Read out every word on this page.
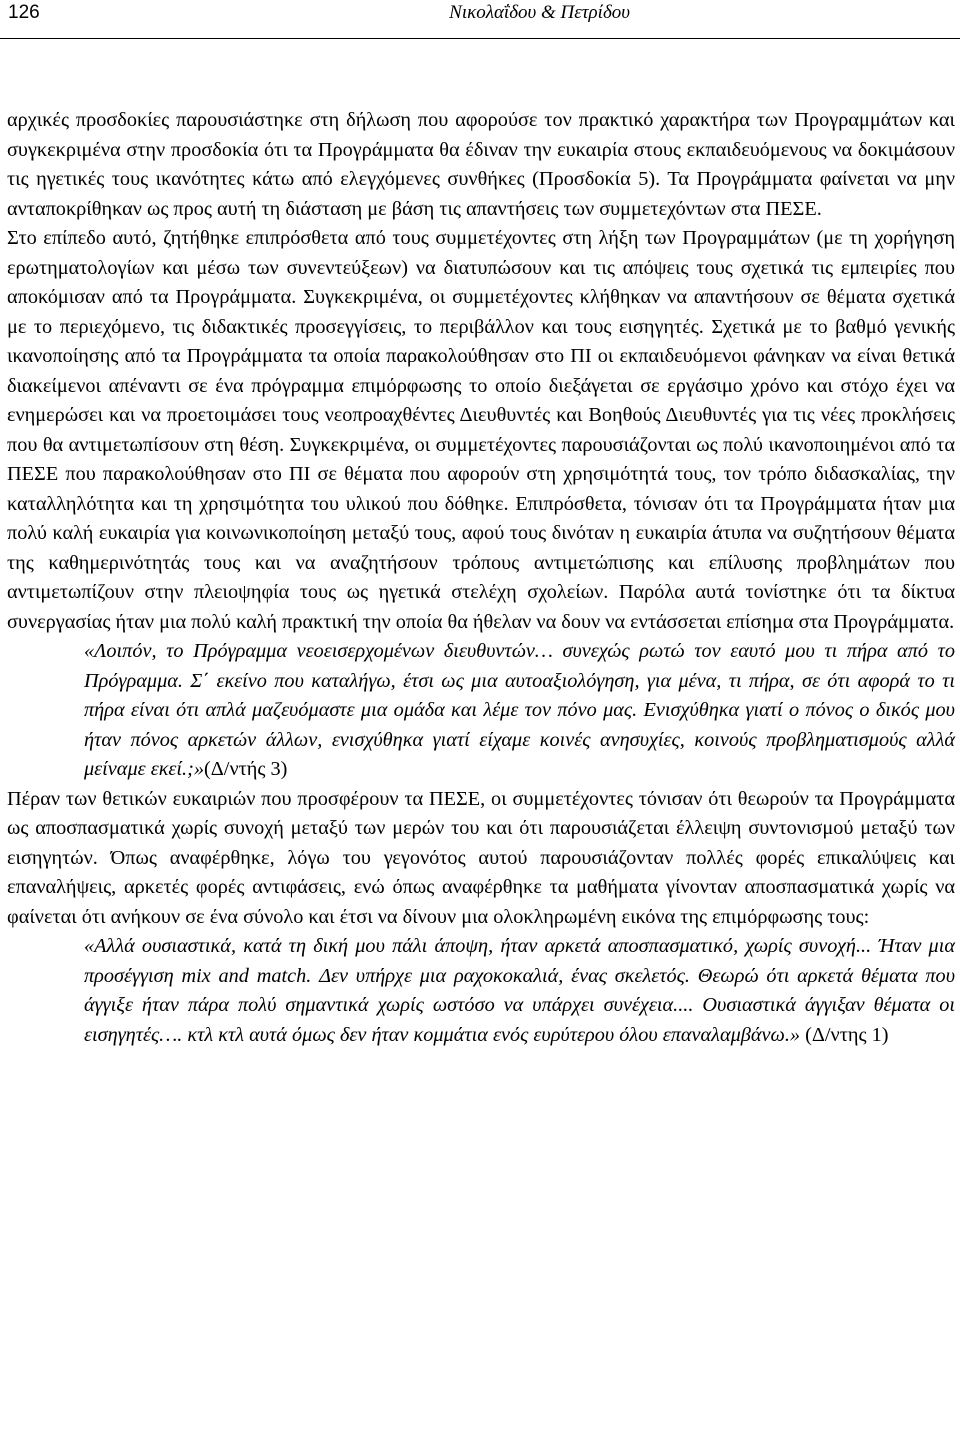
126	Νικολαΐδου & Πετρίδου

αρχικές προσδοκίες παρουσιάστηκε στη δήλωση που αφορούσε τον πρακτικό χαρακτήρα των Προγραμμάτων και συγκεκριμένα στην προσδοκία ότι τα Προγράμματα θα έδιναν την ευκαιρία στους εκπαιδευόμενους να δοκιμάσουν τις ηγετικές τους ικανότητες κάτω από ελεγχόμενες συνθήκες (Προσδοκία 5). Τα Προγράμματα φαίνεται να μην ανταποκρίθηκαν ως προς αυτή τη διάσταση με βάση τις απαντήσεις των συμμετεχόντων στα ΠΕΣΕ.

Στο επίπεδο αυτό, ζητήθηκε επιπρόσθετα από τους συμμετέχοντες στη λήξη των Προγραμμάτων (με τη χορήγηση ερωτηματολογίων και μέσω των συνεντεύξεων) να διατυπώσουν και τις απόψεις τους σχετικά τις εμπειρίες που αποκόμισαν από τα Προγράμματα. Συγκεκριμένα, οι συμμετέχοντες κλήθηκαν να απαντήσουν σε θέματα σχετικά με το περιεχόμενο, τις διδακτικές προσεγγίσεις, το περιβάλλον και τους εισηγητές. Σχετικά με το βαθμό γενικής ικανοποίησης από τα Προγράμματα τα οποία παρακολούθησαν στο ΠΙ οι εκπαιδευόμενοι φάνηκαν να είναι θετικά διακείμενοι απέναντι σε ένα πρόγραμμα επιμόρφωσης το οποίο διεξάγεται σε εργάσιμο χρόνο και στόχο έχει να ενημερώσει και να προετοιμάσει τους νεοπροαχθέντες Διευθυντές και Βοηθούς Διευθυντές για τις νέες προκλήσεις που θα αντιμετωπίσουν στη θέση. Συγκεκριμένα, οι συμμετέχοντες παρουσιάζονται ως πολύ ικανοποιημένοι από τα ΠΕΣΕ που παρακολούθησαν στο ΠΙ σε θέματα που αφορούν στη χρησιμότητά τους, τον τρόπο διδασκαλίας, την καταλληλότητα και τη χρησιμότητα του υλικού που δόθηκε. Επιπρόσθετα, τόνισαν ότι τα Προγράμματα ήταν μια πολύ καλή ευκαιρία για κοινωνικοποίηση μεταξύ τους, αφού τους δινόταν η ευκαιρία άτυπα να συζητήσουν θέματα της καθημερινότητάς τους και να αναζητήσουν τρόπους αντιμετώπισης και επίλυσης προβλημάτων που αντιμετωπίζουν στην πλειοψηφία τους ως ηγετικά στελέχη σχολείων. Παρόλα αυτά τονίστηκε ότι τα δίκτυα συνεργασίας ήταν μια πολύ καλή πρακτική την οποία θα ήθελαν να δουν να εντάσσεται επίσημα στα Προγράμματα.

«Λοιπόν, το Πρόγραμμα νεοεισερχομένων διευθυντών… συνεχώς ρωτώ τον εαυτό μου τι πήρα από το Πρόγραμμα. Σ΄ εκείνο που καταλήγω, έτσι ως μια αυτοαξιολόγηση, για μένα, τι πήρα, σε ότι αφορά το τι πήρα είναι ότι απλά μαζευόμαστε μια ομάδα και λέμε τον πόνο μας. Ενισχύθηκα γιατί ο πόνος ο δικός μου ήταν πόνος αρκετών άλλων, ενισχύθηκα γιατί είχαμε κοινές ανησυχίες, κοινούς προβληματισμούς αλλά μείναμε εκεί.;»(Δ/ντής 3)

Πέραν των θετικών ευκαιριών που προσφέρουν τα ΠΕΣΕ, οι συμμετέχοντες τόνισαν ότι θεωρούν τα Προγράμματα ως αποσπασματικά χωρίς συνοχή μεταξύ των μερών του και ότι παρουσιάζεται έλλειψη συντονισμού μεταξύ των εισηγητών. Όπως αναφέρθηκε, λόγω του γεγονότος αυτού παρουσιάζονταν πολλές φορές επικαλύψεις και επαναλήψεις, αρκετές φορές αντιφάσεις, ενώ όπως αναφέρθηκε τα μαθήματα γίνονταν αποσπασματικά χωρίς να φαίνεται ότι ανήκουν σε ένα σύνολο και έτσι να δίνουν μια ολοκληρωμένη εικόνα της επιμόρφωσης τους:

«Αλλά ουσιαστικά, κατά τη δική μου πάλι άποψη, ήταν αρκετά αποσπασματικό, χωρίς συνοχή... Ήταν μια προσέγγιση mix and match. Δεν υπήρχε μια ραχοκοκαλιά, ένας σκελετός. Θεωρώ ότι αρκετά θέματα που άγγιξε ήταν πάρα πολύ σημαντικά χωρίς ωστόσο να υπάρχει συνέχεια.... Ουσιαστικά άγγιξαν θέματα οι εισηγητές…. κτλ κτλ αυτά όμως δεν ήταν κομμάτια ενός ευρύτερου όλου επαναλαμβάνω.» (Δ/ντης 1)
